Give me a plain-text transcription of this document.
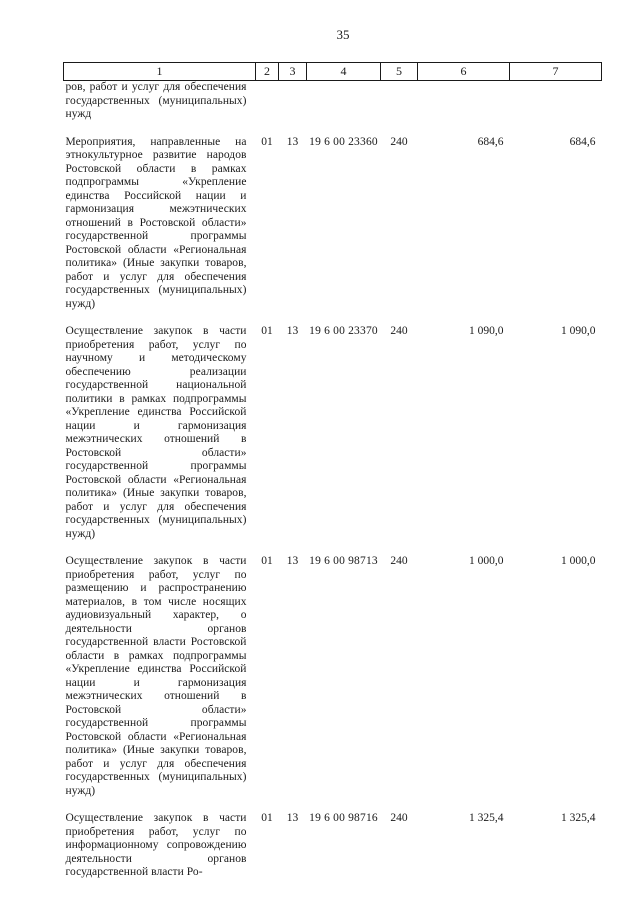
35
1	2	3	4	5	6	7
ров, работ и услуг для обеспечения государственных (муниципальных) нужд						
Мероприятия, направленные на этнокультурное развитие народов Ростовской области в рамках подпрограммы «Укрепление единства Российской нации и гармонизация межэтнических отношений в Ростовской области» государственной программы Ростовской области «Региональная политика» (Иные закупки товаров, работ и услуг для обеспечения государственных (муниципальных) нужд)	01	13	19 6 00 23360	240	684,6	684,6
Осуществление закупок в части приобретения работ, услуг по научному и методическому обеспечению реализации государственной национальной политики в рамках подпрограммы «Укрепление единства Российской нации и гармонизация межэтнических отношений в Ростовской области» государственной программы Ростовской области «Региональная политика» (Иные закупки товаров, работ и услуг для обеспечения государственных (муниципальных) нужд)	01	13	19 6 00 23370	240	1 090,0	1 090,0
Осуществление закупок в части приобретения работ, услуг по размещению и распространению материалов, в том числе носящих аудиовизуальный характер, о деятельности органов государственной власти Ростовской области в рамках подпрограммы «Укрепление единства Российской нации и гармонизация межэтнических отношений в Ростовской области» государственной программы Ростовской области «Региональная политика» (Иные закупки товаров, работ и услуг для обеспечения государственных (муниципальных) нужд)	01	13	19 6 00 98713	240	1 000,0	1 000,0
Осуществление закупок в части приобретения работ, услуг по информационному сопровождению деятельности органов государственной власти Ро-	01	13	19 6 00 98716	240	1 325,4	1 325,4
